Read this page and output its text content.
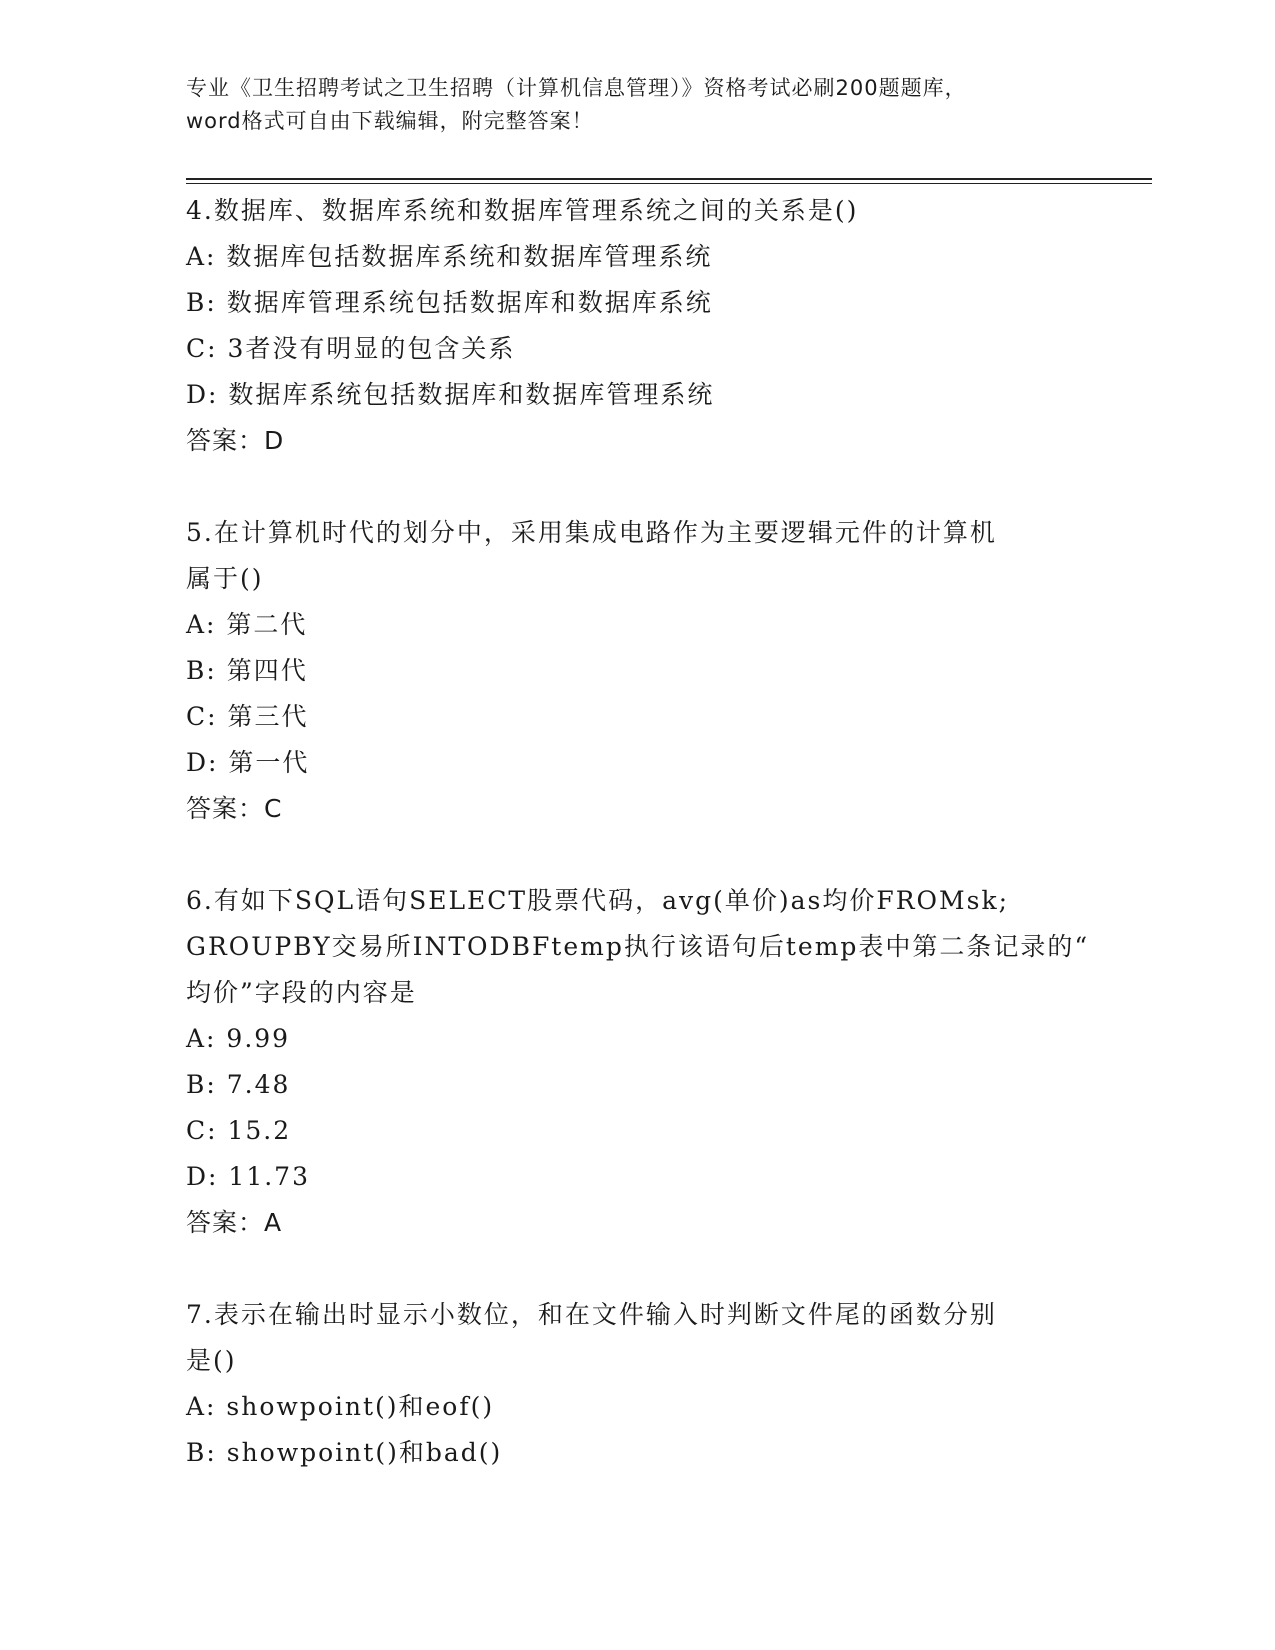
专业《卫生招聘考试之卫生招聘（计算机信息管理）》资格考试必刷200题题库，
word格式可自由下载编辑，附完整答案！
4.数据库、数据库系统和数据库管理系统之间的关系是()
A: 数据库包括数据库系统和数据库管理系统
B: 数据库管理系统包括数据库和数据库系统
C: 3者没有明显的包含关系
D: 数据库系统包括数据库和数据库管理系统
答案：D
5.在计算机时代的划分中，采用集成电路作为主要逻辑元件的计算机
属于()
A: 第二代
B: 第四代
C: 第三代
D: 第一代
答案：C
6.有如下SQL语句SELECT股票代码，avg(单价)as均价FROMsk;
GROUPBY交易所INTODBFtemp执行该语句后temp表中第二条记录的“
均价”字段的内容是
A: 9.99
B: 7.48
C: 15.2
D: 11.73
答案：A
7.表示在输出时显示小数位，和在文件输入时判断文件尾的函数分别
是()
A: showpoint()和eof()
B: showpoint()和bad()
